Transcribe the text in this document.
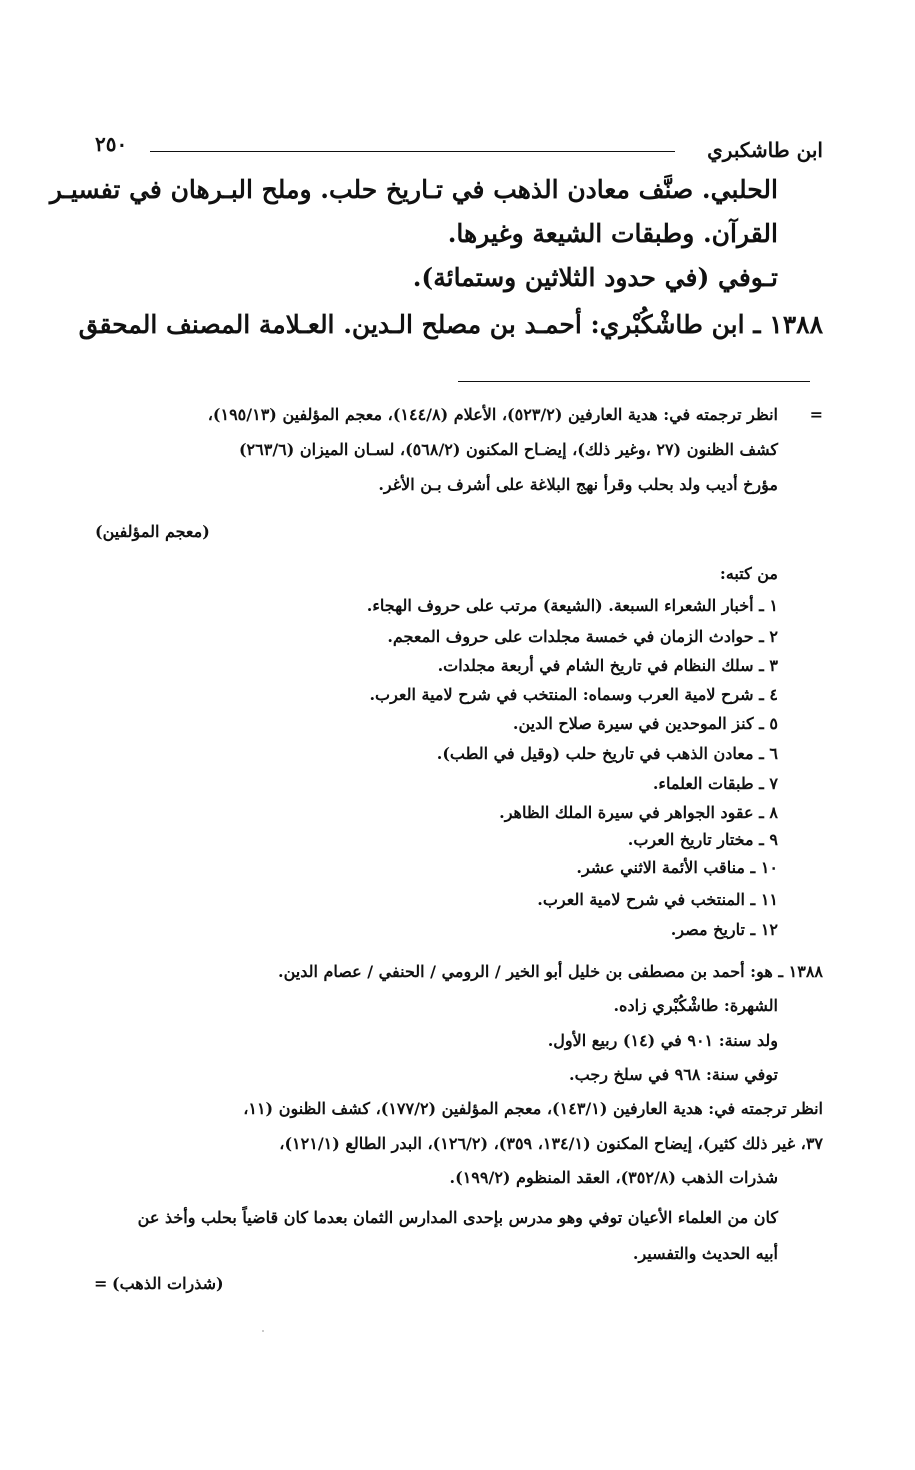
ابن طاشكبري
٢٥٠
الحلبي. صنَّف معادن الذهب في تـاريخ حلب. وملح البـرهان في تفسيـر
القرآن. وطبقات الشيعة وغيرها.
تـوفي (في حدود الثلاثين وستمائة).
١٣٨٨ ـ ابن طاشْكُبْري: أحمـد بن مصلح الـدين. العـلامة المصنف المحقق
=
انظر ترجمته في: هدية العارفين (٥٢٣/٢)، الأعلام (١٤٤/٨)، معجم المؤلفين (١٩٥/١٣)،
كشف الظنون (٢٧ ،وغير ذلك)، إيضـاح المكنون (٥٦٨/٢)، لسـان الميزان (٢٦٣/٦)
مؤرخ أديب ولد بحلب وقرأ نهج البلاغة على أشرف بـن الأغر.
(معجم المؤلفين)
من كتبه:
١ ـ أخبار الشعراء السبعة. (الشيعة) مرتب على حروف الهجاء.
٢ ـ حوادث الزمان في خمسة مجلدات على حروف المعجم.
٣ ـ سلك النظام في تاريخ الشام في أربعة مجلدات.
٤ ـ شرح لامية العرب وسماه: المنتخب في شرح لامية العرب.
٥ ـ كنز الموحدين في سيرة صلاح الدين.
٦ ـ معادن الذهب في تاريخ حلب (وقيل في الطب).
٧ ـ طبقات العلماء.
٨ ـ عقود الجواهر في سيرة الملك الظاهر.
٩ ـ مختار تاريخ العرب.
١٠ ـ مناقب الأئمة الاثني عشر.
١١ ـ المنتخب في شرح لامية العرب.
١٢ ـ تاريخ مصر.
١٣٨٨ ـ هو: أحمد بن مصطفى بن خليل أبو الخير / الرومي / الحنفي / عصام الدين.
الشهرة: طاشْكُبْري زاده.
ولد سنة: ٩٠١ في (١٤) ربيع الأول.
توفي سنة: ٩٦٨ في سلخ رجب.
انظر ترجمته في: هدية العارفين (١٤٣/١)، معجم المؤلفين (١٧٧/٢)، كشف الظنون (١١،
٣٧، غير ذلك كثير)، إيضاح المكنون (١٣٤/١، ٣٥٩)، (١٢٦/٢)، البدر الطالع (١٢١/١)،
شذرات الذهب (٣٥٢/٨)، العقد المنظوم (١٩٩/٢).
كان من العلماء الأعيان توفي وهو مدرس بإحدى المدارس الثمان بعدما كان قاضياً بحلب وأخذ عن
أبيه الحديث والتفسير.
(شذرات الذهب)
=
